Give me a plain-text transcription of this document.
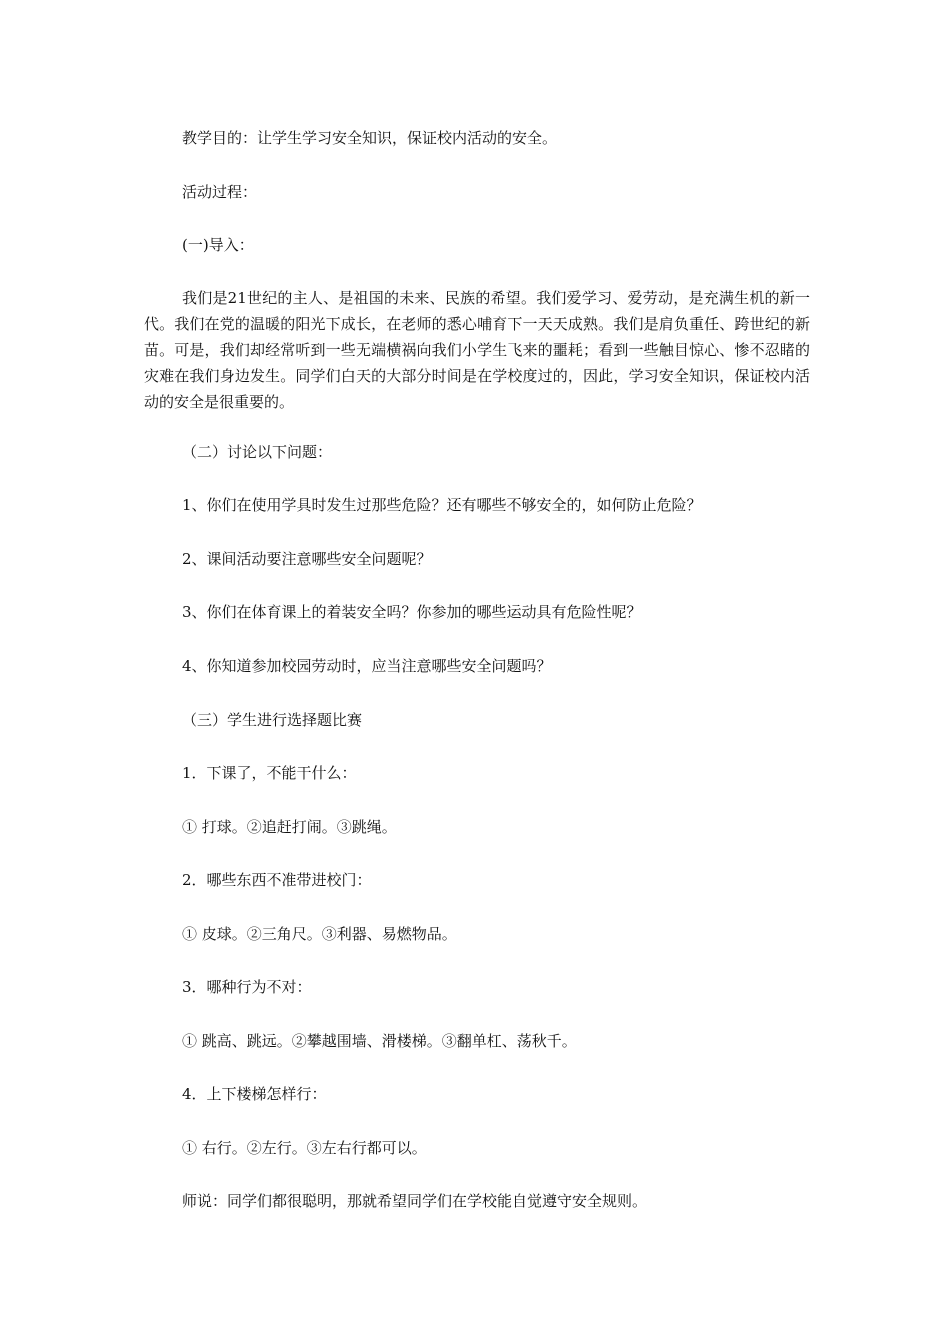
教学目的：让学生学习安全知识，保证校内活动的安全。
活动过程：
(一)导入：
我们是21世纪的主人、是祖国的未来、民族的希望。我们爱学习、爱劳动，是充满生机的新一代。我们在党的温暖的阳光下成长，在老师的悉心哺育下一天天成熟。我们是肩负重任、跨世纪的新苗。可是，我们却经常听到一些无端横祸向我们小学生飞来的噩耗；看到一些触目惊心、惨不忍睹的灾难在我们身边发生。同学们白天的大部分时间是在学校度过的，因此，学习安全知识，保证校内活动的安全是很重要的。
（二）讨论以下问题：
1、你们在使用学具时发生过那些危险？还有哪些不够安全的，如何防止危险？
2、课间活动要注意哪些安全问题呢？
3、你们在体育课上的着装安全吗？你参加的哪些运动具有危险性呢？
4、你知道参加校园劳动时，应当注意哪些安全问题吗？
（三）学生进行选择题比赛
1．下课了，不能干什么：
① 打球。②追赶打闹。③跳绳。
2．哪些东西不准带进校门：
① 皮球。②三角尺。③利器、易燃物品。
3．哪种行为不对：
① 跳高、跳远。②攀越围墙、滑楼梯。③翻单杠、荡秋千。
4．上下楼梯怎样行：
① 右行。②左行。③左右行都可以。
师说：同学们都很聪明，那就希望同学们在学校能自觉遵守安全规则。
